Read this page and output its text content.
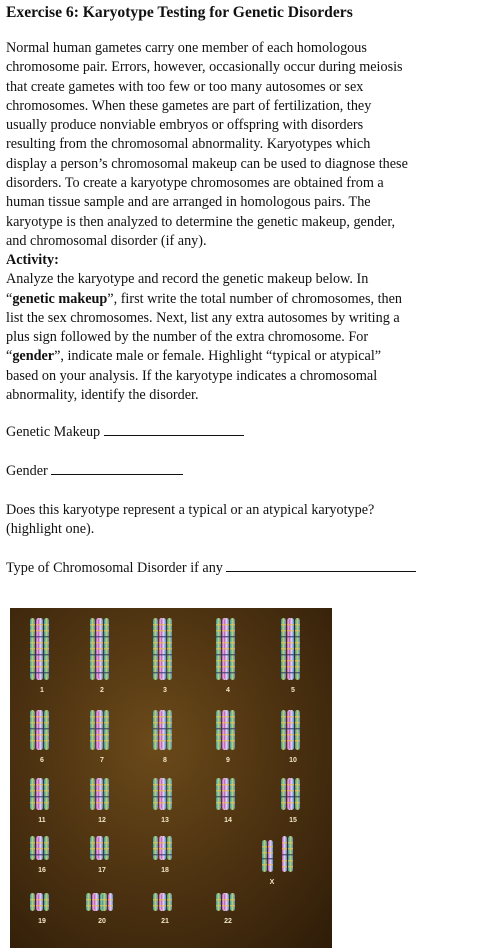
Exercise 6: Karyotype Testing for Genetic Disorders

Normal human gametes carry one member of each homologous

chromosome pair. Errors, however, occasionally occur during meiosis

that create gametes with too few or too many autosomes or sex

chromosomes. When these gametes are part of fertilization, they

usually produce nonviable embryos or offspring with disorders

resulting from the chromosomal abnormality. Karyotypes which

display a person’s chromosomal makeup can be used to diagnose these

disorders. To create a karyotype chromosomes are obtained from a

human tissue sample and are arranged in homologous pairs. The

karyotype is then analyzed to determine the genetic makeup, gender,

and chromosomal disorder (if any).

Activity:

Analyze the karyotype and record the genetic makeup below. In

“genetic makeup”, first write the total number of chromosomes, then

list the sex chromosomes. Next, list any extra autosomes by writing a

plus sign followed by the number of the extra chromosome. For

“gender”, indicate male or female. Highlight “typical or atypical”

based on your analysis. If the karyotype indicates a chromosomal

abnormality, identify the disorder.

Genetic Makeup

Gender

Does this karyotype represent a typical or an atypical karyotype?

(highlight one).

Type of Chromosomal Disorder if any

1	2	3	4	5
6	7	8	9	10
11	12	13	14	15
16	17	18
19	20	21	22
X
